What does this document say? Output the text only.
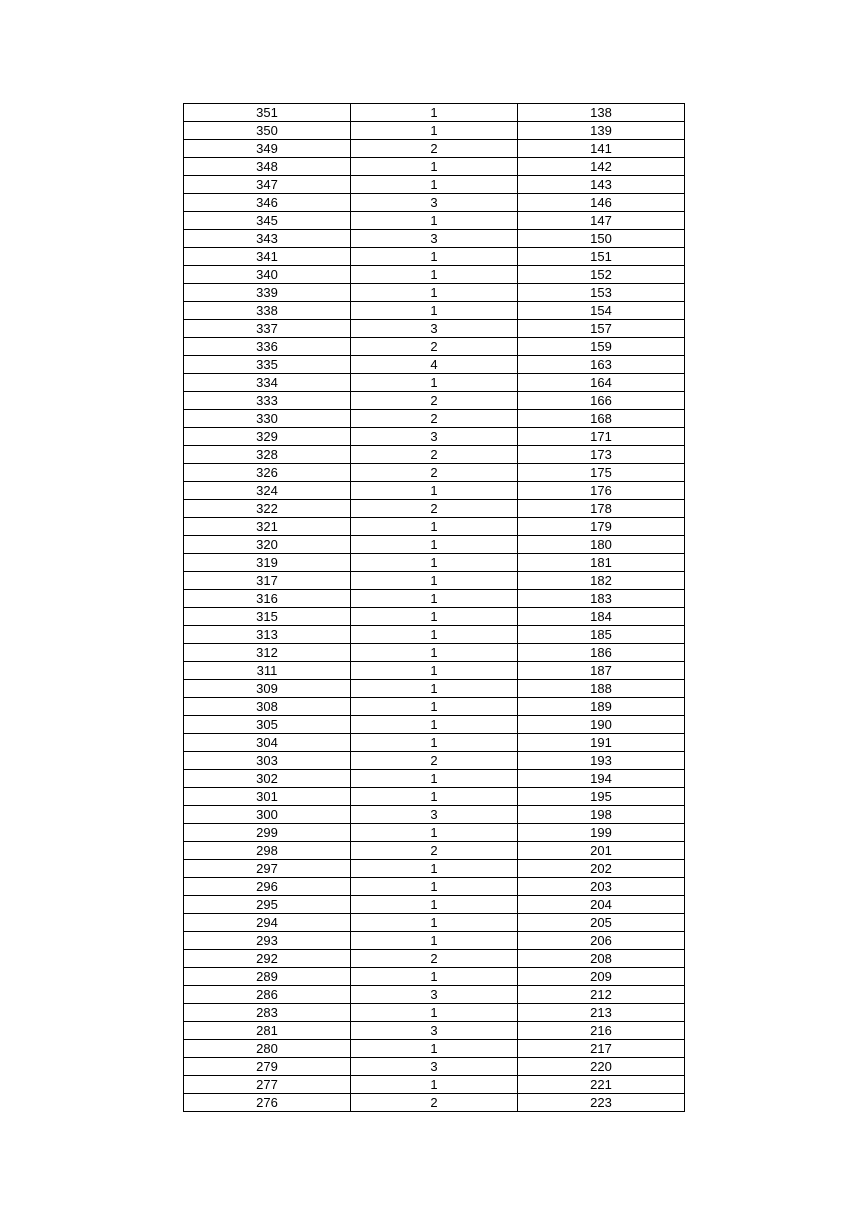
351	1	138
350	1	139
349	2	141
348	1	142
347	1	143
346	3	146
345	1	147
343	3	150
341	1	151
340	1	152
339	1	153
338	1	154
337	3	157
336	2	159
335	4	163
334	1	164
333	2	166
330	2	168
329	3	171
328	2	173
326	2	175
324	1	176
322	2	178
321	1	179
320	1	180
319	1	181
317	1	182
316	1	183
315	1	184
313	1	185
312	1	186
311	1	187
309	1	188
308	1	189
305	1	190
304	1	191
303	2	193
302	1	194
301	1	195
300	3	198
299	1	199
298	2	201
297	1	202
296	1	203
295	1	204
294	1	205
293	1	206
292	2	208
289	1	209
286	3	212
283	1	213
281	3	216
280	1	217
279	3	220
277	1	221
276	2	223
